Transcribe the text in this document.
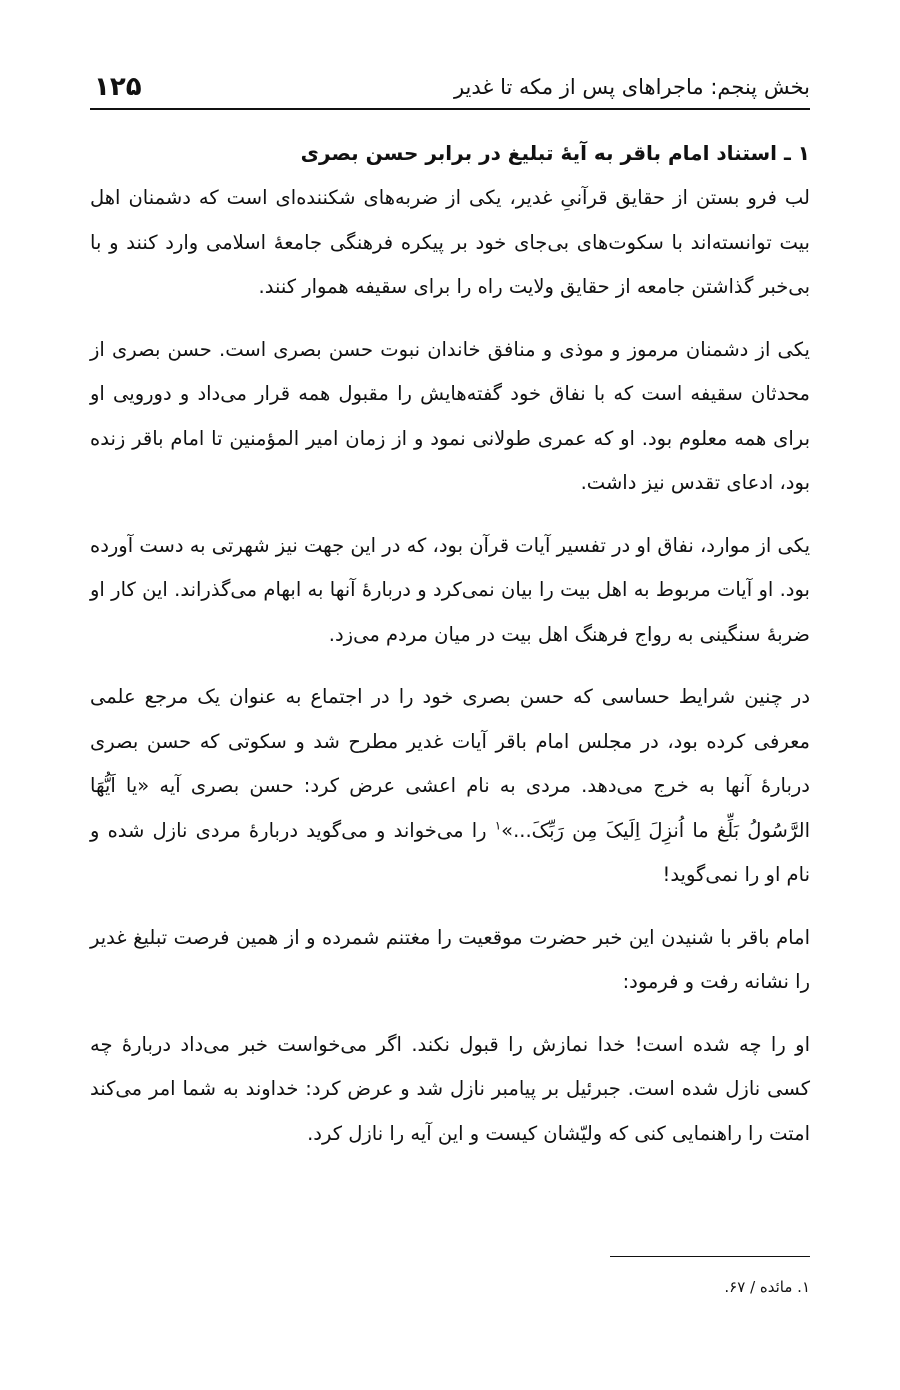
بخش پنجم: ماجراهای پس از مکه تا غدیر
۱۲۵
۱ ـ استناد امام باقر‏‏ به آیهٔ تبلیغ در برابر حسن بصری

لب فرو بستن از حقایق قرآنیِ غدیر، یکی از ضربه‌های شکننده‌ای است که دشمنان اهل بیت‏ توانسته‌اند با سکوت‌های بی‌جای خود بر پیکره فرهنگی جامعهٔ اسلامی وارد کنند و با بی‌خبر گذاشتن جامعه از حقایق ولایت راه را برای سقیفه هموار کنند.

یکی از دشمنان مرموز و موذی و منافق خاندان نبوت حسن بصری است. حسن بصری از محدثان سقیفه است که با نفاق خود گفته‌هایش را مقبول همه قرار می‌داد و دورویی او برای همه معلوم بود. او که عمری طولانی نمود و از زمان امیر المؤمنین‏ تا امام باقر‏ زنده بود، ادعای تقدس نیز داشت.

یکی از موارد، نفاق او در تفسیر آیات قرآن بود، که در این جهت نیز شهرتی به دست آورده بود. او آیات مربوط به اهل بیت‏ را بیان نمی‌کرد و دربارهٔ آنها به ابهام می‌گذراند. این کار او ضربهٔ سنگینی به رواج فرهنگ اهل بیت‏ در میان مردم می‌زد.

در چنین شرایط حساسی که حسن بصری خود را در اجتماع به عنوان یک مرجع علمی معرفی کرده بود، در مجلس امام باقر‏ آیات غدیر مطرح شد و سکوتی که حسن بصری دربارهٔ آنها به خرج می‌دهد. مردی به نام اعشی عرض کرد: حسن بصری آیه «یا اَیُّهَا الرَّسُولُ بَلِّغ ما اُنزِلَ اِلَیکَ مِن رَبِّکَ...»$^۱$ را می‌خواند و می‌گوید دربارهٔ مردی نازل شده و نام او را نمی‌گوید!

امام باقر‏ با شنیدن این خبر حضرت موقعیت را مغتنم شمرده و از همین فرصت تبلیغ غدیر را نشانه رفت و فرمود:

او را چه شده است! خدا نمازش را قبول نکند. اگر می‌خواست خبر می‌داد دربارهٔ چه کسی نازل شده است. جبرئیل بر پیامبر‏ نازل شد و عرض کرد: خداوند به شما امر می‌کند امتت را راهنمایی کنی که ولیّشان کیست و این آیه را نازل کرد.

۱. مائده / ۶۷.
